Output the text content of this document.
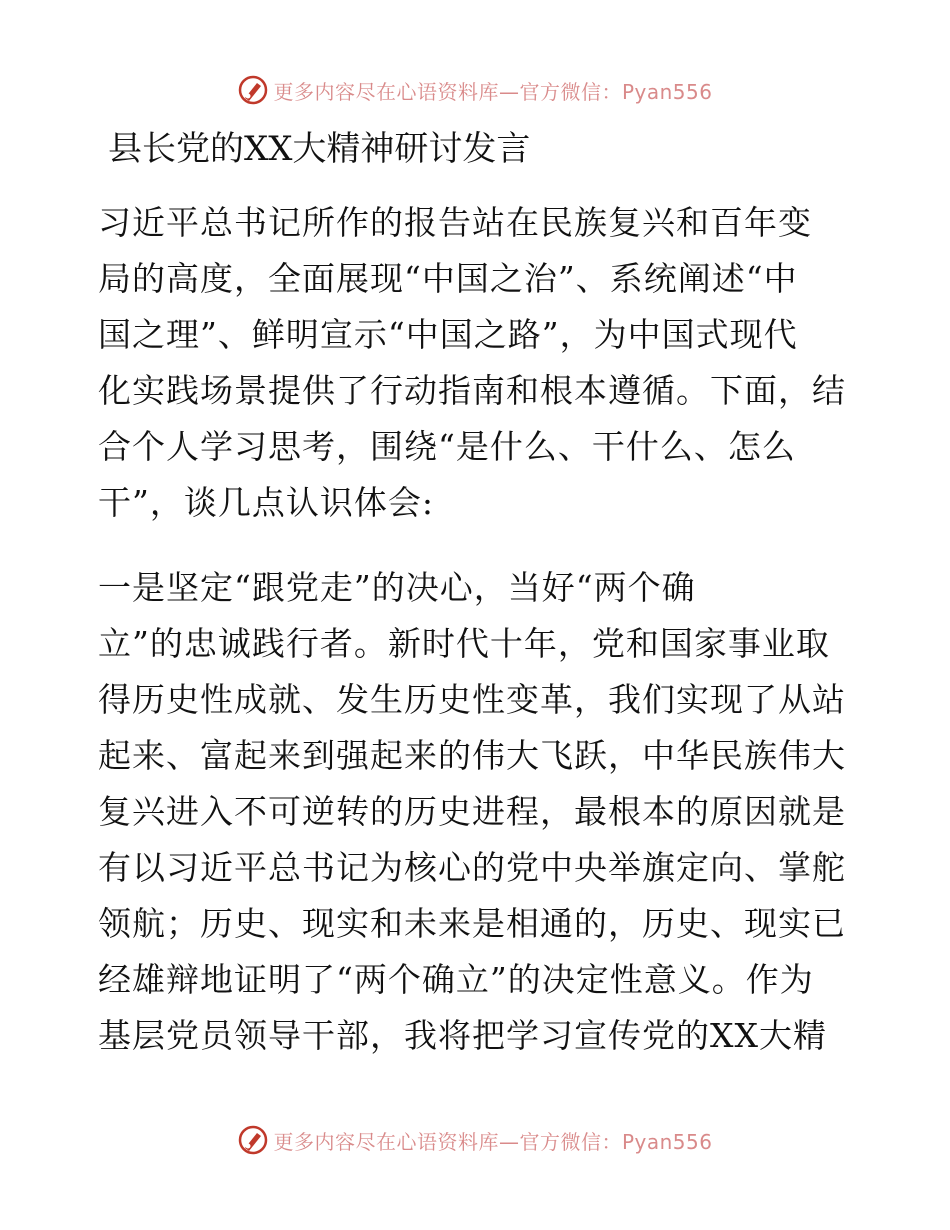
更多内容尽在心语资料库—官方微信：Pyan556
县长党的XX大精神研讨发言
习近平总书记所作的报告站在民族复兴和百年变
局的高度，全面展现“中国之治”、系统阐述“中
国之理”、鲜明宣示“中国之路”，为中国式现代
化实践场景提供了行动指南和根本遵循。下面，结
合个人学习思考，围绕“是什么、干什么、怎么
干”，谈几点认识体会:
一是坚定“跟党走”的决心，当好“两个确
立”的忠诚践行者。新时代十年，党和国家事业取
得历史性成就、发生历史性变革，我们实现了从站
起来、富起来到强起来的伟大飞跃，中华民族伟大
复兴进入不可逆转的历史进程，最根本的原因就是
有以习近平总书记为核心的党中央举旗定向、掌舵
领航；历史、现实和未来是相通的，历史、现实已
经雄辩地证明了“两个确立”的决定性意义。作为
基层党员领导干部，我将把学习宣传党的XX大精
更多内容尽在心语资料库—官方微信：Pyan556
